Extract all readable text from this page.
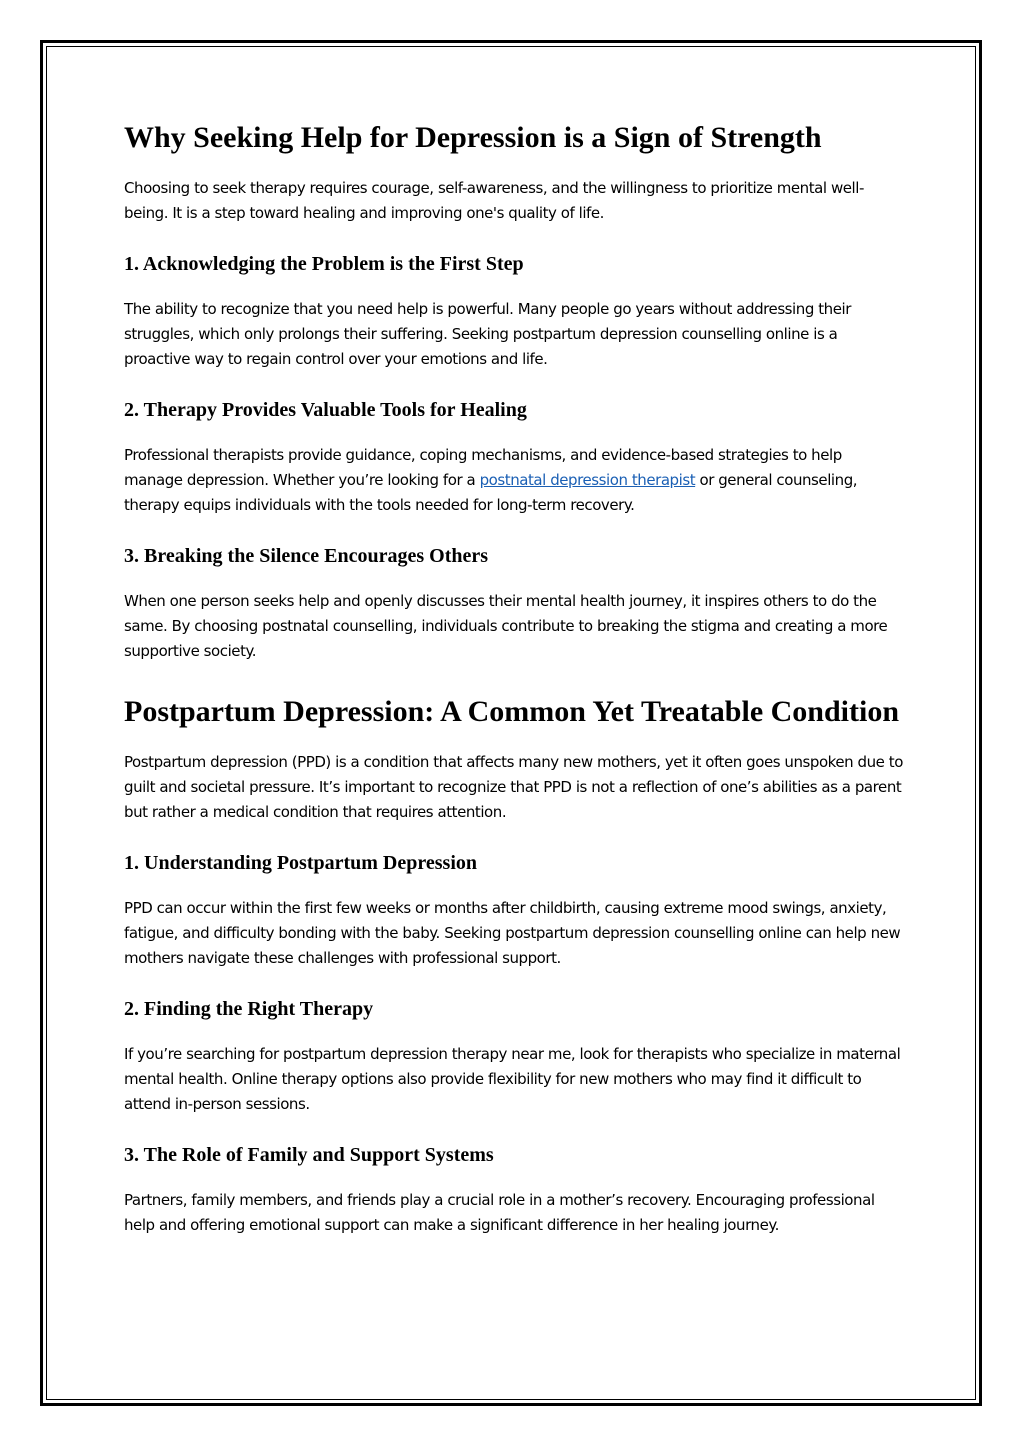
Why Seeking Help for Depression is a Sign of Strength

Choosing to seek therapy requires courage, self-awareness, and the willingness to prioritize mental well-being. It is a step toward healing and improving one's quality of life.

1. Acknowledging the Problem is the First Step

The ability to recognize that you need help is powerful. Many people go years without addressing their struggles, which only prolongs their suffering. Seeking postpartum depression counselling online is a proactive way to regain control over your emotions and life.

2. Therapy Provides Valuable Tools for Healing

Professional therapists provide guidance, coping mechanisms, and evidence-based strategies to help manage depression. Whether you’re looking for a postnatal depression therapist or general counseling, therapy equips individuals with the tools needed for long-term recovery.

3. Breaking the Silence Encourages Others

When one person seeks help and openly discusses their mental health journey, it inspires others to do the same. By choosing postnatal counselling, individuals contribute to breaking the stigma and creating a more supportive society.

Postpartum Depression: A Common Yet Treatable Condition

Postpartum depression (PPD) is a condition that affects many new mothers, yet it often goes unspoken due to guilt and societal pressure. It’s important to recognize that PPD is not a reflection of one’s abilities as a parent but rather a medical condition that requires attention.

1. Understanding Postpartum Depression

PPD can occur within the first few weeks or months after childbirth, causing extreme mood swings, anxiety, fatigue, and difficulty bonding with the baby. Seeking postpartum depression counselling online can help new mothers navigate these challenges with professional support.

2. Finding the Right Therapy

If you’re searching for postpartum depression therapy near me, look for therapists who specialize in maternal mental health. Online therapy options also provide flexibility for new mothers who may find it difficult to attend in-person sessions.

3. The Role of Family and Support Systems

Partners, family members, and friends play a crucial role in a mother’s recovery. Encouraging professional help and offering emotional support can make a significant difference in her healing journey.
